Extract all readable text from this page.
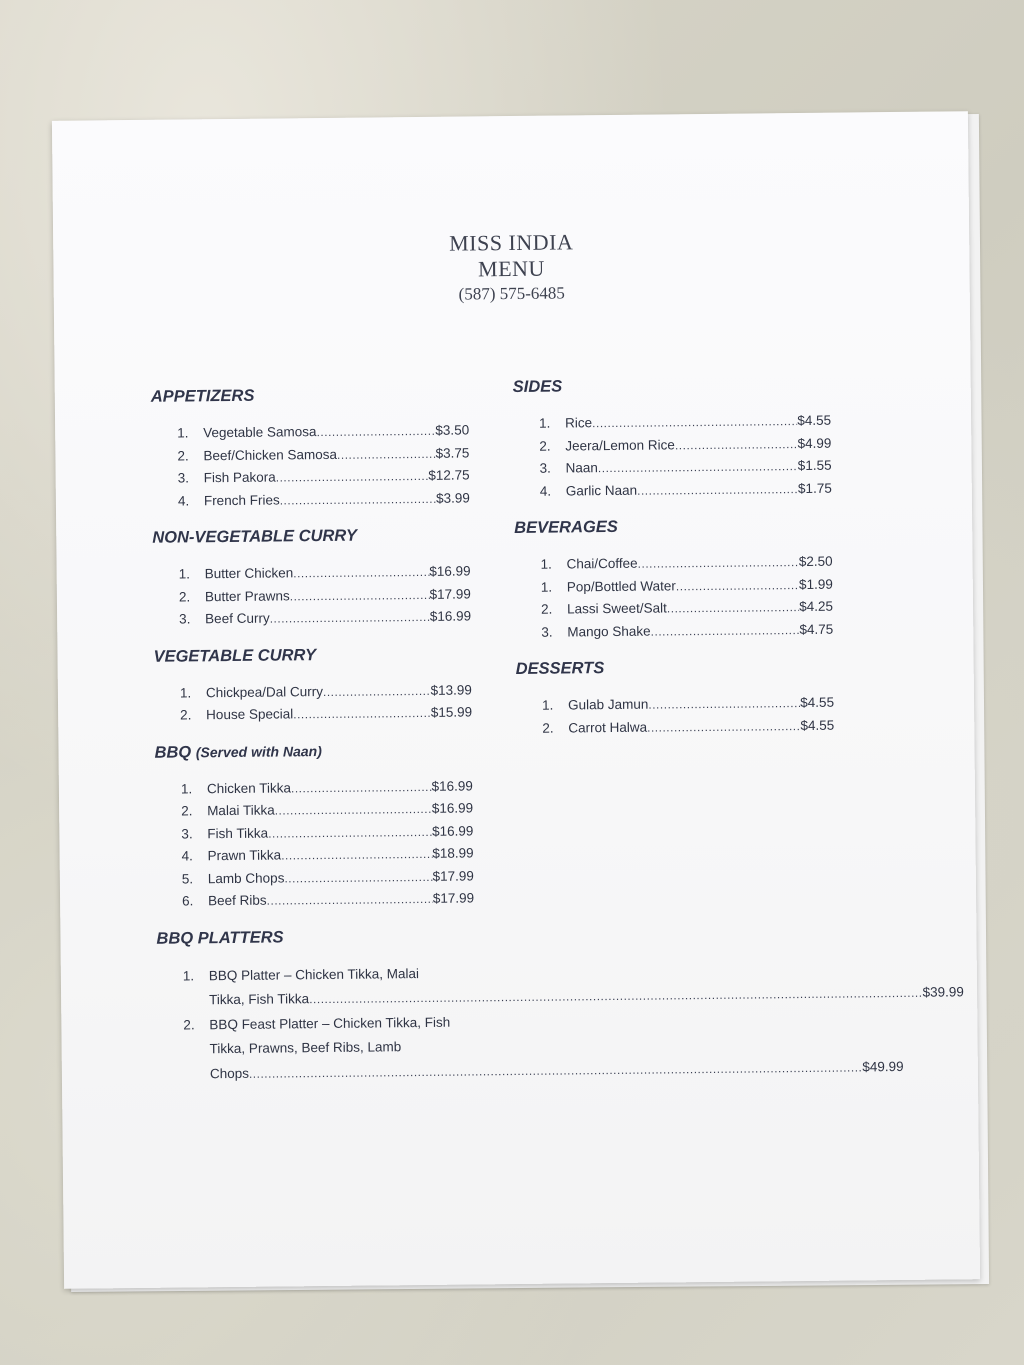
MISS INDIA
MENU
(587) 575-6485
APPETIZERS
1.	Vegetable Samosa .....	$3.50
2.	Beef/Chicken Samosa .....	$3.75
3.	Fish Pakora .....	$12.75
4.	French Fries .....	$3.99
NON-VEGETABLE CURRY
1.	Butter Chicken .....	$16.99
2.	Butter Prawns .....	$17.99
3.	Beef Curry .....	$16.99
VEGETABLE CURRY
1.	Chickpea/Dal Curry .....	$13.99
2.	House Special .....	$15.99
BBQ (Served with Naan)
1.	Chicken Tikka .....	$16.99
2.	Malai Tikka .....	$16.99
3.	Fish Tikka .....	$16.99
4.	Prawn Tikka .....	$18.99
5.	Lamb Chops .....	$17.99
6.	Beef Ribs .....	$17.99
BBQ PLATTERS
1.	BBQ Platter – Chicken Tikka, Malai
Tikka, Fish Tikka .....	$39.99
2.	BBQ Feast Platter – Chicken Tikka, Fish
Tikka, Prawns, Beef Ribs, Lamb
Chops .....	$49.99
SIDES
1.	Rice .....	$4.55
2.	Jeera/Lemon Rice .....	$4.99
3.	Naan .....	$1.55
4.	Garlic Naan .....	$1.75
BEVERAGES
1.	Chai/Coffee .....	$2.50
1.	Pop/Bottled Water .....	$1.99
2.	Lassi Sweet/Salt .....	$4.25
3.	Mango Shake .....	$4.75
DESSERTS
1.	Gulab Jamun .....	$4.55
2.	Carrot Halwa .....	$4.55
